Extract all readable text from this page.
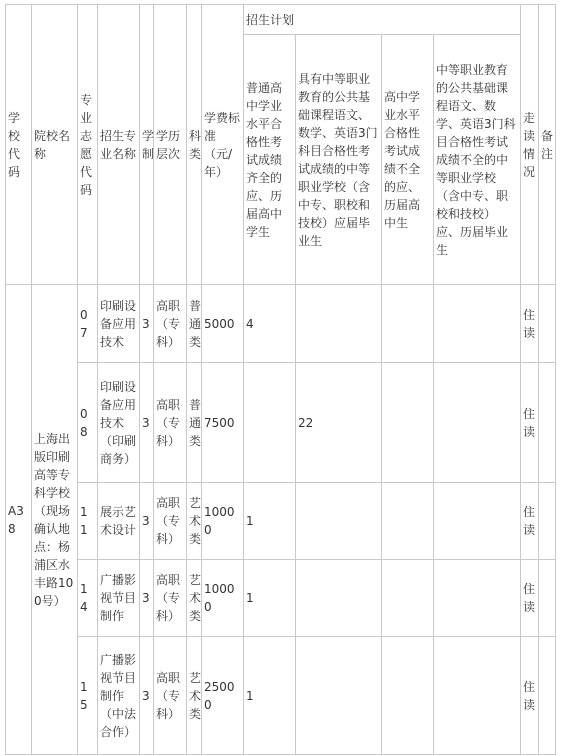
学校代码	院校名称	专业志愿代码	招生专业名称	学制	学历层次	科类	学费标准（元/年）	招生计划				走读情况	备注
								普通高中学业水平合格性考试成绩齐全的应、历届高中学生	具有中等职业教育的公共基础课程语文、数学、英语3门科目合格性考试成绩的中等职业学校（含中专、职校和技校）应届毕业生	高中学业水平合格性考试成绩不全的应、历届高中生	中等职业教育的公共基础课程语文、数学、英语3门科目合格性考试成绩不全的中等职业学校（含中专、职校和技校）应、历届毕业生		
A38	上海出版印刷高等专科学校（现场确认地点：杨浦区水丰路100号）	07	印刷设备应用技术	3	高职（专科）	普通类	5000	4				住读	
		08	印刷设备应用技术（印刷商务）	3	高职（专科）	普通类	7500		22			住读	
		11	展示艺术设计	3	高职（专科）	艺术类	10000	1				住读	
		14	广播影视节目制作	3	高职（专科）	艺术类	10000	1				住读	
		15	广播影视节目制作（中法合作）	3	高职（专科）	艺术类	25000	1				住读	
